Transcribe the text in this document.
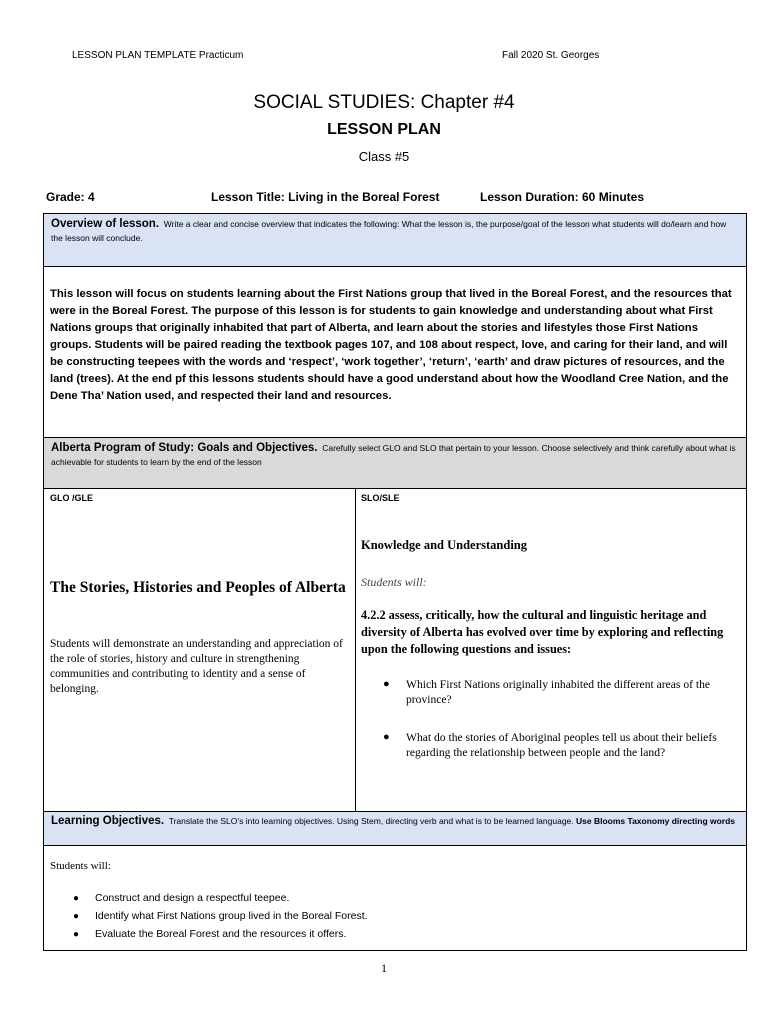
LESSON PLAN TEMPLATE Practicum	Fall 2020 St. Georges
SOCIAL STUDIES: Chapter #4
LESSON PLAN
Class #5
Grade: 4	Lesson Title: Living in the Boreal Forest	Lesson Duration: 60 Minutes
Overview of lesson. Write a clear and concise overview that indicates the following: What the lesson is, the purpose/goal of the lesson what students will do/learn and how the lesson will conclude.
This lesson will focus on students learning about the First Nations group that lived in the Boreal Forest, and the resources that were in the Boreal Forest. The purpose of this lesson is for students to gain knowledge and understanding about what First Nations groups that originally inhabited that part of Alberta, and learn about the stories and lifestyles those First Nations groups. Students will be paired reading the textbook pages 107, and 108 about respect, love, and caring for their land, and will be constructing teepees with the words and ‘respect’, ‘work together’, ‘return’, ‘earth’ and draw pictures of resources, and the land (trees). At the end pf this lessons students should have a good understand about how the Woodland Cree Nation, and the Dene Tha’ Nation used, and respected their land and resources.
Alberta Program of Study: Goals and Objectives. Carefully select GLO and SLO that pertain to your lesson. Choose selectively and think carefully about what is achievable for students to learn by the end of the lesson
GLO /GLE	SLO/SLE
The Stories, Histories and Peoples of Alberta
Students will demonstrate an understanding and appreciation of the role of stories, history and culture in strengthening communities and contributing to identity and a sense of belonging.
Knowledge and Understanding
Students will:
4.2.2 assess, critically, how the cultural and linguistic heritage and diversity of Alberta has evolved over time by exploring and reflecting upon the following questions and issues:
●	Which First Nations originally inhabited the different areas of the province?
●	What do the stories of Aboriginal peoples tell us about their beliefs regarding the relationship between people and the land?
Learning Objectives. Translate the SLO’s into learning objectives. Using Stem, directing verb and what is to be learned language. Use Blooms Taxonomy directing words
Students will:
● Construct and design a respectful teepee.
● Identify what First Nations group lived in the Boreal Forest.
● Evaluate the Boreal Forest and the resources it offers.
1
